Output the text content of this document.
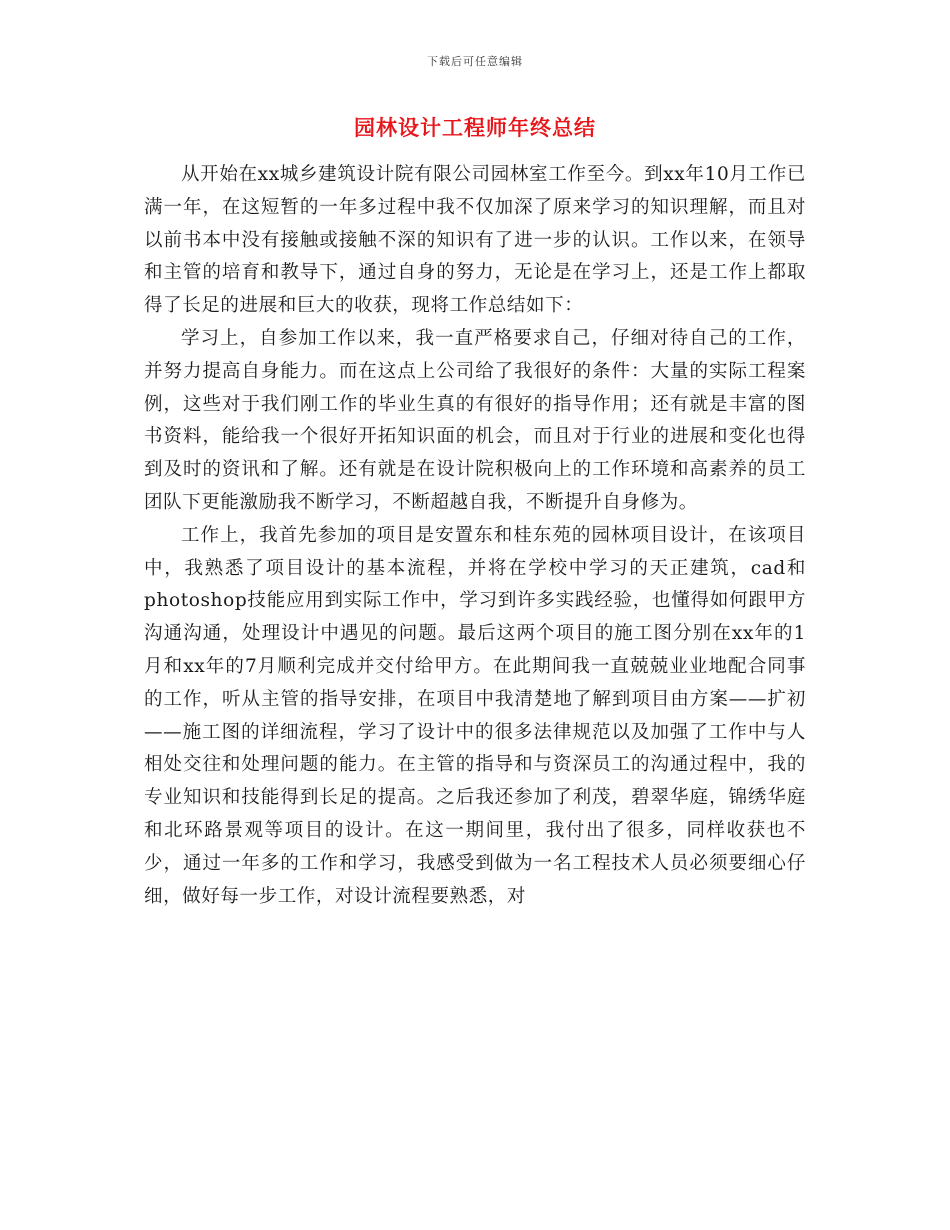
下载后可任意编辑
园林设计工程师年终总结

从开始在xx城乡建筑设计院有限公司园林室工作至今。到xx年10月工作已满一年，在这短暂的一年多过程中我不仅加深了原来学习的知识理解，而且对以前书本中没有接触或接触不深的知识有了进一步的认识。工作以来，在领导和主管的培育和教导下，通过自身的努力，无论是在学习上，还是工作上都取得了长足的进展和巨大的收获，现将工作总结如下：

学习上，自参加工作以来，我一直严格要求自己，仔细对待自己的工作，并努力提高自身能力。而在这点上公司给了我很好的条件：大量的实际工程案例，这些对于我们刚工作的毕业生真的有很好的指导作用；还有就是丰富的图书资料，能给我一个很好开拓知识面的机会，而且对于行业的进展和变化也得到及时的资讯和了解。还有就是在设计院积极向上的工作环境和高素养的员工团队下更能激励我不断学习，不断超越自我，不断提升自身修为。

工作上，我首先参加的项目是安置东和桂东苑的园林项目设计，在该项目中，我熟悉了项目设计的基本流程，并将在学校中学习的天正建筑，cad和photoshop技能应用到实际工作中，学习到许多实践经验，也懂得如何跟甲方沟通沟通，处理设计中遇见的问题。最后这两个项目的施工图分别在xx年的1月和xx年的7月顺利完成并交付给甲方。在此期间我一直兢兢业业地配合同事的工作，听从主管的指导安排，在项目中我清楚地了解到项目由方案——扩初——施工图的详细流程，学习了设计中的很多法律规范以及加强了工作中与人相处交往和处理问题的能力。在主管的指导和与资深员工的沟通过程中，我的专业知识和技能得到长足的提高。之后我还参加了利茂，碧翠华庭，锦绣华庭和北环路景观等项目的设计。在这一期间里，我付出了很多，同样收获也不少，通过一年多的工作和学习，我感受到做为一名工程技术人员必须要细心仔细，做好每一步工作，对设计流程要熟悉，对
